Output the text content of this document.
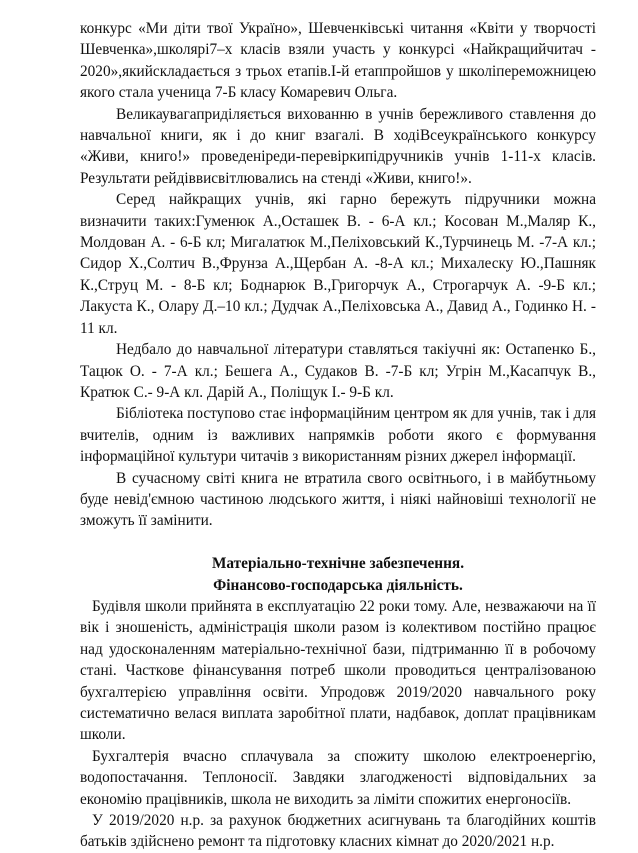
конкурс «Ми діти твої Україно», Шевченківські читання «Квіти у творчості Шевченка»,школярі7–х класів взяли участь у конкурсі «Найкращийчитач - 2020»,якийскладається з трьох етапів.І-й етаппройшов у школіпереможницею якого стала ученица 7-Б класу Комаревич Ольга.

Великаувагаприділяється вихованню в учнів бережливого ставлення до навчальної книги, як і до книг взагалі. В ходіВсеукраїнського конкурсу «Живи, книго!» проведеніреди-перевіркипідручників учнів 1-11-х класів. Результати рейдіввисвітлювались на стенді «Живи, книго!».

Серед найкращих учнів, які гарно бережуть підручники можна визначити таких:Гуменюк А.,Осташек В. - 6-А кл.; Косован М.,Маляр К., Молдован А. - 6-Б кл; Мигалатюк М.,Пеліховський К.,Турчинець М. -7-А кл.; Сидор Х.,Солтич В.,Фрунза А.,Щербан А. -8-А кл.; Михалеску Ю.,Пашняк К.,Струц М. - 8-Б кл; Боднарюк В.,Григорчук А., Строгарчук А. -9-Б кл.; Лакуста К., Олару Д.–10 кл.; Дудчак А.,Пеліховська А., Давид А., Годинко Н. - 11 кл.

Недбало до навчальної літератури ставляться такіучні як: Остапенко Б., Тацюк О. - 7-А кл.; Бешега А., Судаков В. -7-Б кл; Угрін М.,Касапчук В., Кратюк С.- 9-А кл. Дарій А., Поліщук І.- 9-Б кл.

Бібліотека поступово стає інформаційним центром як для учнів, так і для вчителів, одним із важливих напрямків роботи якого є формування інформаційної культури читачів з використанням різних джерел інформації.

В сучасному світі книга не втратила свого освітнього, і в майбутньому буде невід'ємною частиною людського життя, і ніякі найновіші технології не зможуть її замінити.

Матеріально-технічне забезпечення.

Фінансово-господарська діяльність.

Будівля школи прийнята в експлуатацію 22 роки тому. Але, незважаючи на її вік і зношеність, адміністрація школи разом із колективом постійно працює над удосконаленням матеріально-технічної бази, підтриманню її в робочому стані. Часткове фінансування потреб школи проводиться централізованою бухгалтерією управління освіти. Упродовж 2019/2020 навчального року систематично велася виплата заробітної плати, надбавок, доплат працівникам школи.

Бухгалтерія вчасно сплачувала за спожиту школою електроенергію, водопостачання. Теплоносії. Завдяки злагодженості відповідальних за економію працівників, школа не виходить за ліміти спожитих енергоносіїв.

У 2019/2020 н.р. за рахунок бюджетних асигнувань та благодійних коштів батьків здійснено ремонт та підготовку класних кімнат до 2020/2021 н.р.
